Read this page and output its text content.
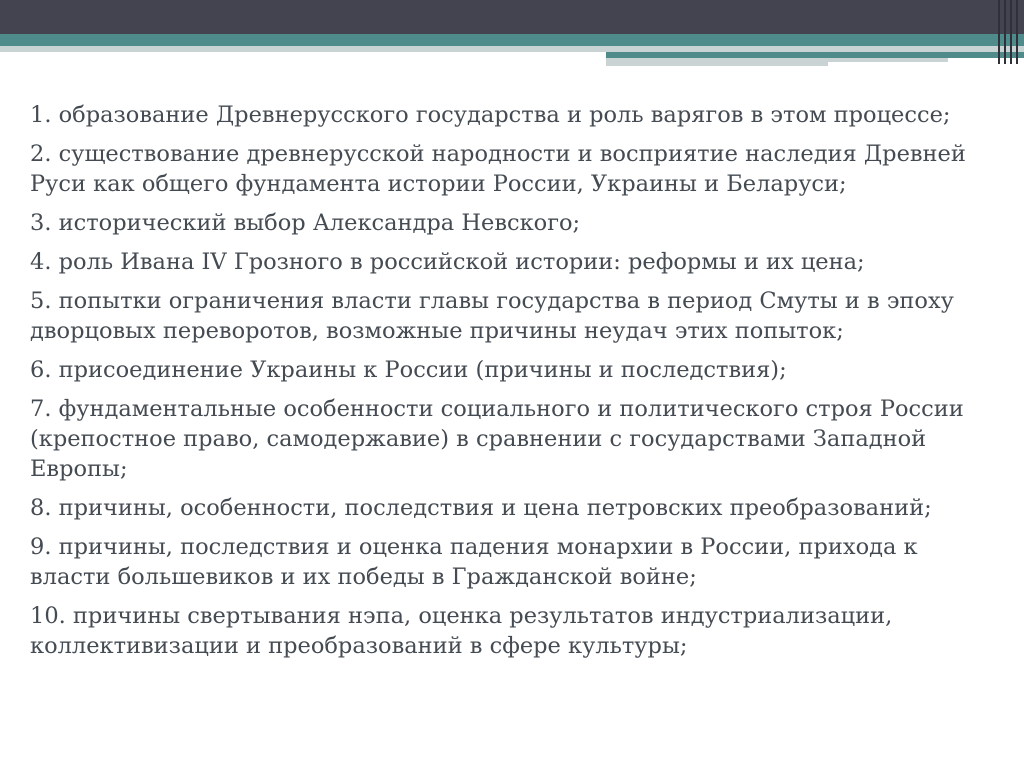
1. образование Древнерусского государства и роль варягов в этом процессе;
2. существование древнерусской народности и восприятие наследия Древней Руси как общего фундамента истории России, Украины и Беларуси;
3. исторический выбор Александра Невского;
4. роль Ивана IV Грозного в российской истории: реформы и их цена;
5. попытки ограничения власти главы государства в период Смуты и в эпоху дворцовых переворотов, возможные причины неудач этих попыток;
6. присоединение Украины к России (причины и последствия);
7. фундаментальные особенности социального и политического строя России (крепостное право, самодержавие) в сравнении с государствами Западной Европы;
8. причины, особенности, последствия и цена петровских преобразований;
9. причины, последствия и оценка падения монархии в России, прихода к власти большевиков и их победы в Гражданской войне;
10. причины свертывания нэпа, оценка результатов индустриализации, коллективизации и преобразований в сфере культуры;
